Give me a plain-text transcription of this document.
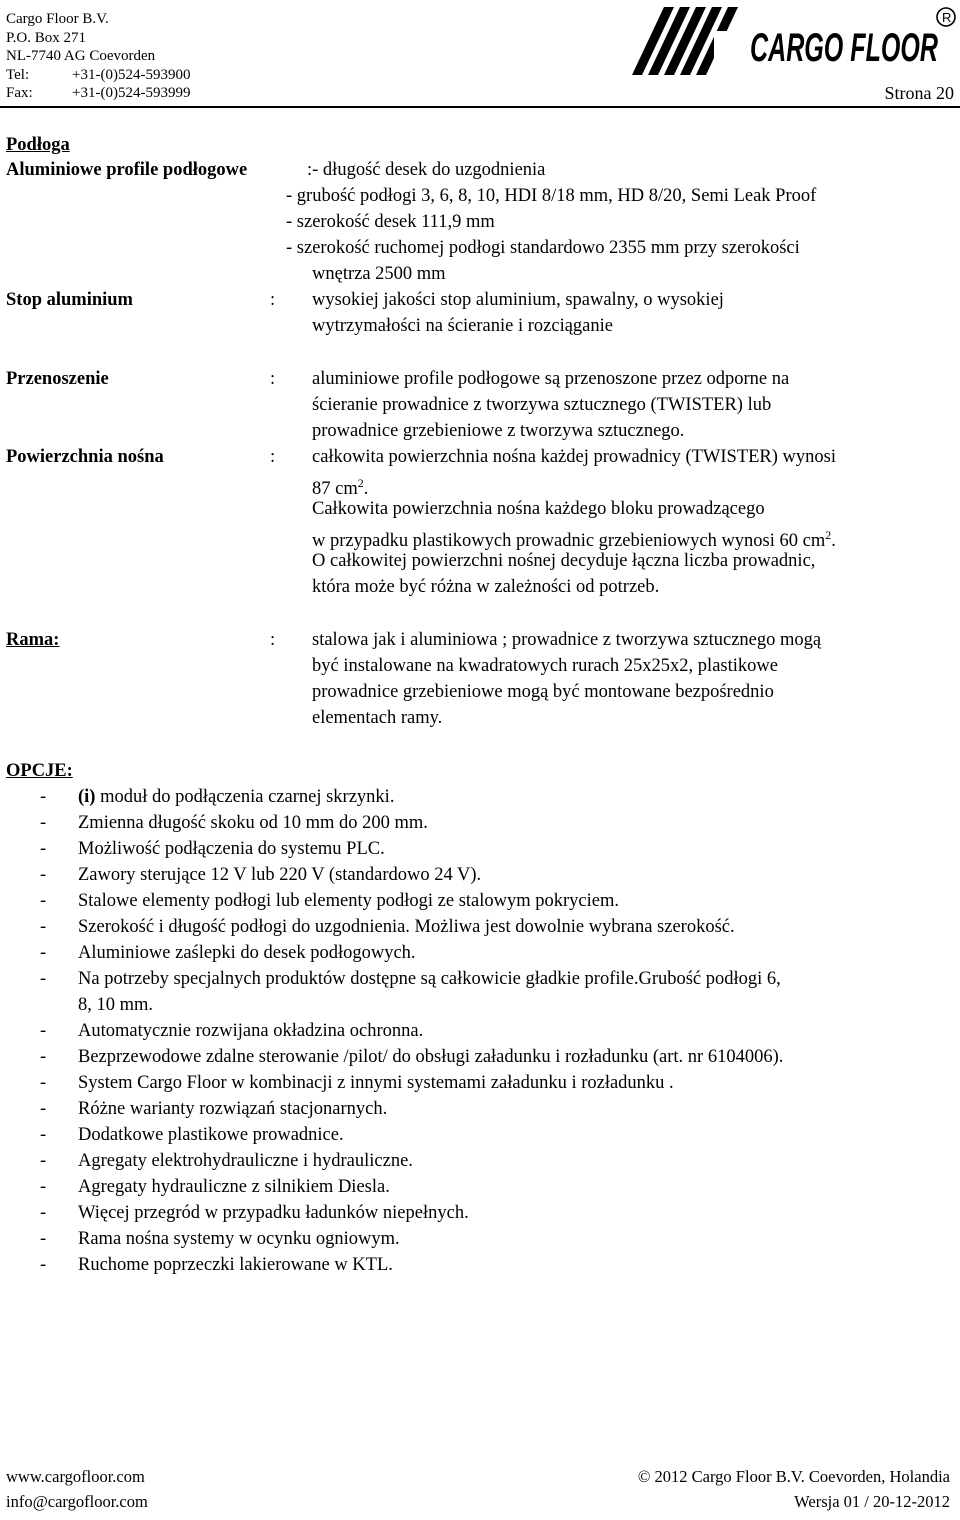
Cargo Floor B.V.
P.O. Box 271
NL-7740 AG Coevorden
Tel:	+31-(0)524-593900
Fax:	+31-(0)524-593999
CARGO FLOOR
R
Strona 20
Podłoga
Aluminiowe profile podłogowe	:- długość desek do uzgodnienia
- grubość podłogi 3, 6, 8, 10, HDI 8/18 mm, HD 8/20, Semi Leak Proof
- szerokość desek 111,9 mm
- szerokość ruchomej podłogi standardowo 2355 mm przy szerokości
wnętrza 2500 mm
Stop aluminium	: wysokiej jakości stop aluminium, spawalny, o wysokiej
wytrzymałości na ścieranie i rozciąganie
Przenoszenie	: aluminiowe profile podłogowe są przenoszone przez odporne na
ścieranie prowadnice z tworzywa sztucznego (TWISTER) lub
prowadnice grzebieniowe z tworzywa sztucznego.
Powierzchnia nośna	: całkowita powierzchnia nośna każdej prowadnicy (TWISTER) wynosi
87 $cm^2$.
Całkowita powierzchnia nośna każdego bloku prowadzącego
w przypadku plastikowych prowadnic grzebieniowych wynosi 60 $cm^2$.
O całkowitej powierzchni nośnej decyduje łączna liczba prowadnic,
która może być różna w zależności od potrzeb.
Rama:	: stalowa jak i aluminiowa ; prowadnice z tworzywa sztucznego mogą
być instalowane na kwadratowych rurach 25x25x2, plastikowe
prowadnice grzebieniowe mogą być montowane bezpośrednio
elementach ramy.
OPCJE:
- (i) moduł do podłączenia czarnej skrzynki.
- Zmienna długość skoku od 10 mm do 200 mm.
- Możliwość podłączenia do systemu PLC.
- Zawory sterujące 12 V lub 220 V (standardowo 24 V).
- Stalowe elementy podłogi lub elementy podłogi ze stalowym pokryciem.
- Szerokość i długość podłogi do uzgodnienia. Możliwa jest dowolnie wybrana szerokość.
- Aluminiowe zaślepki do desek podłogowych.
- Na potrzeby specjalnych produktów dostępne są całkowicie gładkie profile.Grubość podłogi 6,
8, 10 mm.
- Automatycznie rozwijana okładzina ochronna.
- Bezprzewodowe zdalne sterowanie /pilot/ do obsługi załadunku i rozładunku (art. nr 6104006).
- System Cargo Floor w kombinacji z innymi systemami załadunku i rozładunku .
- Różne warianty rozwiązań stacjonarnych.
- Dodatkowe plastikowe prowadnice.
- Agregaty elektrohydrauliczne i hydrauliczne.
- Agregaty hydrauliczne z silnikiem Diesla.
- Więcej przegród w przypadku ładunków niepełnych.
- Rama nośna systemy w ocynku ogniowym.
- Ruchome poprzeczki lakierowane w KTL.
www.cargofloor.com
info@cargofloor.com
© 2012 Cargo Floor B.V. Coevorden, Holandia
Wersja 01 / 20-12-2012
